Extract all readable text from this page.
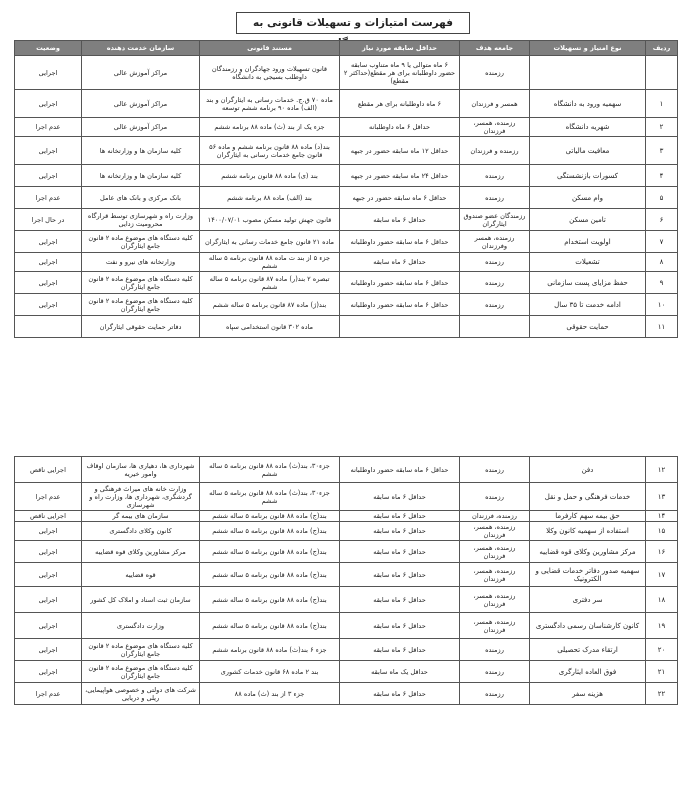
فهرست امتیازات و تسهیلات قانونی به
ردیف	نوع امتیاز و تسهیلات	جامعه هدف	حداقل سابقه مورد نیاز	مستند قانونی	سازمان خدمت دهنده	وضعیت
		رزمنده	۶ ماه متوالی یا ۹ ماه متناوب سابقه حضور داوطلبانه برای هر مقطع(حداکثر ۲ مقطع)	قانون تسهیلات ورود جهادگران و رزمندگان داوطلب بسیجی به دانشگاه	مراکز آموزش عالی	اجرایی
۱	سهمیه ورود به دانشگاه	همسر و فرزندان	۶ ماه داوطلبانه برای هر مقطع	ماده ۷۰ ق.ج. خدمات رسانی به ایثارگران و بند (الف) ماده ۹۰ برنامه ششم توسعه	مراکز آموزش عالی	اجرایی
۲	شهریه دانشگاه	رزمنده، همسر، فرزندان	حداقل ۶ ماه داوطلبانه	جزء یک از بند (ث) ماده ۸۸ برنامه ششم	مراکز آموزش عالی	عدم اجرا
۳	معافیت مالیاتی	رزمنده و فرزندان	حداقل ۱۲ ماه سابقه حضور در جبهه	بند(د) ماده ۸۸ قانون برنامه ششم و ماده ۵۶ قانون جامع خدمات رسانی به ایثارگران	کلیه سازمان ها و وزارتخانه ها	اجرایی
۴	کسورات بازنشستگی	رزمنده	حداقل ۲۴ ماه سابقه حضور در جبهه	بند (ی) ماده ۸۸ قانون برنامه ششم	کلیه سازمان ها و وزارتخانه ها	اجرایی
۵	وام مسکن	رزمنده	حداقل ۶ ماه سابقه حضور در جبهه	بند (الف) ماده ۸۸ برنامه ششم	بانک مرکزی و بانک های عامل	عدم اجرا
۶	تامین مسکن	رزمندگان عضو صندوق ایثارگران	حداقل ۶ ماه سابقه	قانون جهش تولید مسکن مصوب ۱۴۰۰/۰۷/۰۱	وزارت راه و شهرسازی توسط قرارگاه محرومیت زدایی	در حال اجرا
۷	اولویت استخدام	رزمنده، همسر وفرزندان	حداقل ۶ ماه سابقه حضور داوطلبانه	ماده ۲۱ قانون جامع خدمات رسانی به ایثارگران	کلیه دستگاه های موضوع ماده ۲ قانون جامع ایثارگران	اجرایی
۸	تشعیلات	رزمنده	حداقل ۶ ماه سابقه	جزء ۵ از بند ت ماده ۸۸ قانون برنامه ۵ ساله ششم	وزارتخانه های نیرو و نفت	اجرایی
۹	حفظ مزایای پست سازمانی	رزمنده	حداقل ۶ ماه سابقه حضور داوطلبانه	تبصره ۲ بند(ر) ماده ۸۷ قانون برنامه ۵ ساله ششم	کلیه دستگاه های موضوع ماده ۲ قانون جامع ایثارگران	اجرایی
۱۰	ادامه خدمت تا ۳۵ سال	رزمنده	حداقل ۶ ماه سابقه حضور داوطلبانه	بند(ژ) ماده ۸۷ قانون برنامه ۵ ساله ششم	کلیه دستگاه های موضوع ماده ۲ قانون جامع ایثارگران	اجرایی
۱۱	حمایت حقوقی			ماده ۳۰۲ قانون استخدامی سپاه	دفاتر حمایت حقوقی ایثارگران	
۱۲	دفن	رزمنده	حداقل ۶ ماه سابقه حضور داوطلبانه	جزء۳۰، بند(ث) ماده ۸۸ قانون برنامه ۵ ساله ششم	شهرداری ها، دهیاری ها، سازمان اوقاف وامور خیریه	اجرایی ناقص
۱۳	خدمات فرهنگی و حمل و نقل	رزمنده	حداقل ۶ ماه سابقه	جزء۳۰، بند(ث) ماده ۸۸ قانون برنامه ۵ ساله ششم	وزارت خانه های میراث فرهنگی و گردشگری، شهرداری ها، وزارت راه و شهرسازی	عدم اجرا
۱۴	حق بیمه سهم کارفرما	رزمنده، فرزندان	حداقل ۶ ماه سابقه	بند(ج) ماده ۸۸ قانون برنامه ۵ ساله ششم	سازمان های بیمه گر	اجرایی ناقص
۱۵	استفاده از سهمیه کانون وکلا	رزمنده، همسر، فرزندان	حداقل ۶ ماه سابقه	بند(ج) ماده ۸۸ قانون برنامه ۵ ساله ششم	کانون وکلای دادگستری	اجرایی
۱۶	مرکز مشاورین وکلای قوه قضاییه	رزمنده، همسر، فرزندان	حداقل ۶ ماه سابقه	بند(ج) ماده ۸۸ قانون برنامه ۵ ساله ششم	مرکز مشاورین وکلای قوه قضاییه	اجرایی
۱۷	سهمیه صدور دفاتر خدمات قضایی و الکترونیک	رزمنده، همسر، فرزندان	حداقل ۶ ماه سابقه	بند(ج) ماده ۸۸ قانون برنامه ۵ ساله ششم	قوه قضاییه	اجرایی
۱۸	سر دفتری	رزمنده، همسر، فرزندان	حداقل ۶ ماه سابقه	بند(ج) ماده ۸۸ قانون برنامه ۵ ساله ششم	سازمان ثبت اسناد و املاک کل کشور	اجرایی
۱۹	کانون کارشناسان رسمی دادگستری	رزمنده، همسر، فرزندان	حداقل ۶ ماه سابقه	بند(ج) ماده ۸۸ قانون برنامه ۵ ساله ششم	وزارت دادگستری	اجرایی
۲۰	ارتقاء مدرک تحصیلی	رزمنده	حداقل ۶ ماه سابقه	جزء ۶ بند(ث) ماده ۸۸ قانون برنامه ششم	کلیه دستگاه های موضوع ماده ۲ قانون جامع ایثارگران	اجرایی
۲۱	فوق العاده ایثارگری	رزمنده	حداقل یک ماه سابقه	بند ۲ ماده ۶۸ قانون خدمات کشوری	کلیه دستگاه های موضوع ماده ۲ قانون جامع ایثارگران	اجرایی
۲۲	هزینه سفر	رزمنده	حداقل ۶ ماه سابقه	جزء ۳ از بند (ث) ماده ۸۸	شرکت های دولتی و خصوصی هواپیمایی، ریلی و دریایی	عدم اجرا
